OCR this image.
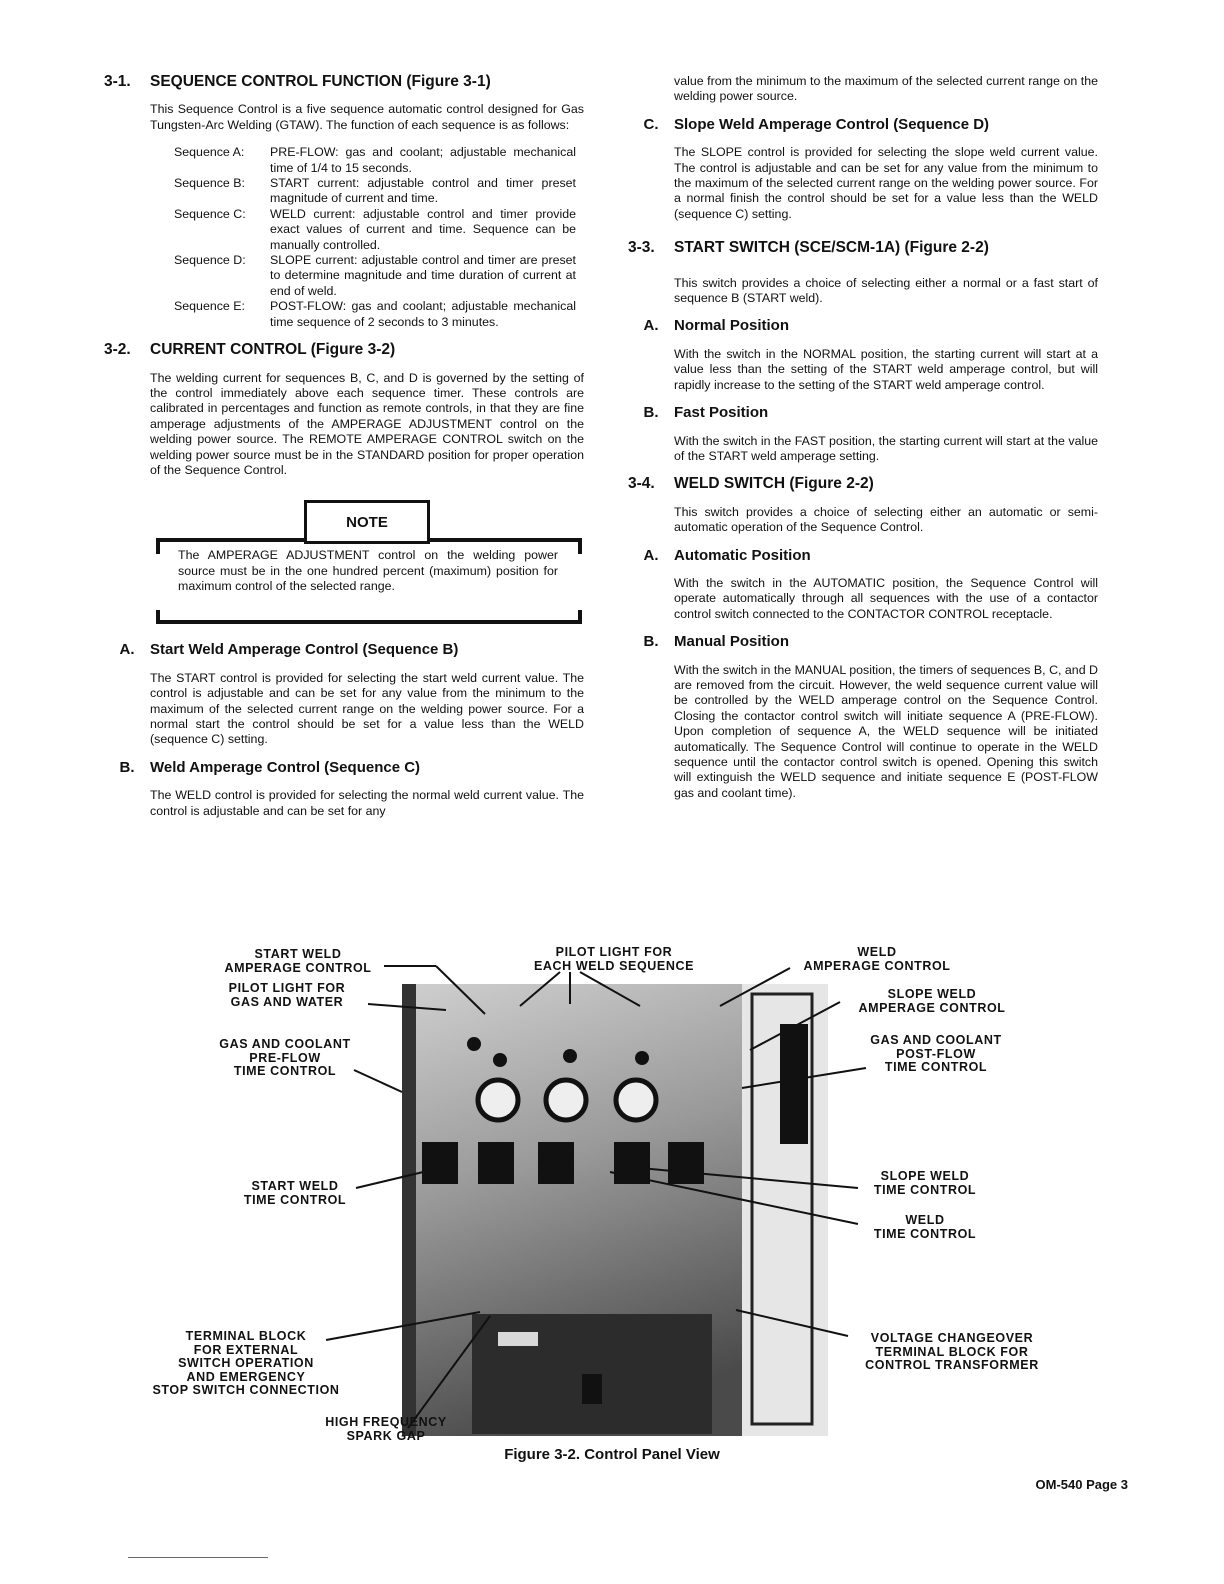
3-1.	SEQUENCE CONTROL FUNCTION (Figure 3-1)
This Sequence Control is a five sequence automatic control designed for Gas Tungsten-Arc Welding (GTAW). The function of each sequence is as follows:
Sequence A:	PRE-FLOW: gas and coolant; adjustable mechanical time of 1/4 to 15 seconds.
Sequence B:	START current: adjustable control and timer preset magnitude of current and time.
Sequence C:	WELD current: adjustable control and timer provide exact values of current and time. Sequence can be manually controlled.
Sequence D:	SLOPE current: adjustable control and timer are preset to determine magnitude and time duration of current at end of weld.
Sequence E:	POST-FLOW: gas and coolant; adjustable mechanical time sequence of 2 seconds to 3 minutes.
3-2.	CURRENT CONTROL (Figure 3-2)
The welding current for sequences B, C, and D is governed by the setting of the control immediately above each sequence timer. These controls are calibrated in percentages and function as remote controls, in that they are fine amperage adjustments of the AMPERAGE ADJUSTMENT control on the welding power source. The REMOTE AMPERAGE CONTROL switch on the welding power source must be in the STANDARD position for proper operation of the Sequence Control.
NOTE
The AMPERAGE ADJUSTMENT control on the welding power source must be in the one hundred percent (maximum) position for maximum control of the selected range.
A.	Start Weld Amperage Control (Sequence B)
The START control is provided for selecting the start weld current value. The control is adjustable and can be set for any value from the minimum to the maximum of the selected current range on the welding power source. For a normal start the control should be set for a value less than the WELD (sequence C) setting.
B.	Weld Amperage Control (Sequence C)
The WELD control is provided for selecting the normal weld current value. The control is adjustable and can be set for any
value from the minimum to the maximum of the selected current range on the welding power source.
C.	Slope Weld Amperage Control (Sequence D)
The SLOPE control is provided for selecting the slope weld current value. The control is adjustable and can be set for any value from the minimum to the maximum of the selected current range on the welding power source. For a normal finish the control should be set for a value less than the WELD (sequence C) setting.
3-3.	START SWITCH (SCE/SCM-1A) (Figure 2-2)
This switch provides a choice of selecting either a normal or a fast start of sequence B (START weld).
A.	Normal Position
With the switch in the NORMAL position, the starting current will start at a value less than the setting of the START weld amperage control, but will rapidly increase to the setting of the START weld amperage control.
B.	Fast Position
With the switch in the FAST position, the starting current will start at the value of the START weld amperage setting.
3-4.	WELD SWITCH (Figure 2-2)
This switch provides a choice of selecting either an automatic or semi-automatic operation of the Sequence Control.
A.	Automatic Position
With the switch in the AUTOMATIC position, the Sequence Control will operate automatically through all sequences with the use of a contactor control switch connected to the CONTACTOR CONTROL receptacle.
B.	Manual Position
With the switch in the MANUAL position, the timers of sequences B, C, and D are removed from the circuit. However, the weld sequence current value will be controlled by the WELD amperage control on the Sequence Control. Closing the contactor control switch will initiate sequence A (PRE-FLOW). Upon completion of sequence A, the WELD sequence will be initiated automatically. The Sequence Control will continue to operate in the WELD sequence until the contactor control switch is opened. Opening this switch will extinguish the WELD sequence and initiate sequence E (POST-FLOW gas and coolant time).
START WELD
AMPERAGE CONTROL
PILOT LIGHT FOR
EACH WELD SEQUENCE
WELD
AMPERAGE CONTROL
PILOT LIGHT FOR
GAS AND WATER
SLOPE WELD
AMPERAGE CONTROL
GAS AND COOLANT
PRE-FLOW
TIME CONTROL
GAS AND COOLANT
POST-FLOW
TIME CONTROL
START WELD
TIME CONTROL
SLOPE WELD
TIME CONTROL
WELD
TIME CONTROL
TERMINAL BLOCK
FOR EXTERNAL
SWITCH OPERATION
AND EMERGENCY
STOP SWITCH CONNECTION
VOLTAGE CHANGEOVER
TERMINAL BLOCK FOR
CONTROL TRANSFORMER
HIGH FREQUENCY
SPARK GAP
Figure 3-2. Control Panel View
OM-540 Page 3
